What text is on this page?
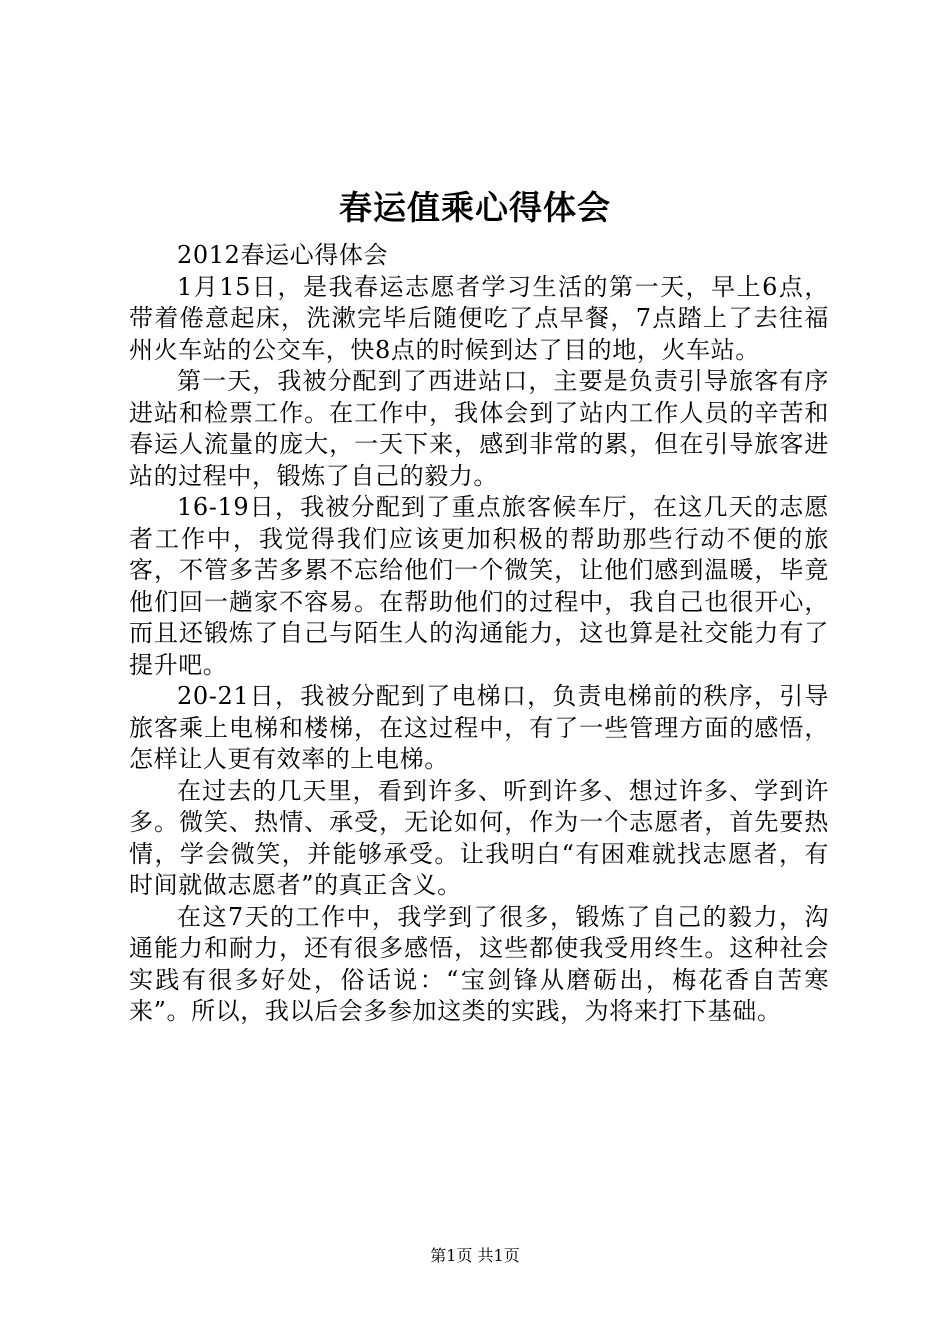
春运值乘心得体会

2012春运心得体会

1月15日，是我春运志愿者学习生活的第一天，早上6点，带着倦意起床，洗漱完毕后随便吃了点早餐，7点踏上了去往福州火车站的公交车，快8点的时候到达了目的地，火车站。

第一天，我被分配到了西进站口，主要是负责引导旅客有序进站和检票工作。在工作中，我体会到了站内工作人员的辛苦和春运人流量的庞大，一天下来，感到非常的累，但在引导旅客进站的过程中，锻炼了自己的毅力。

16-19日，我被分配到了重点旅客候车厅，在这几天的志愿者工作中，我觉得我们应该更加积极的帮助那些行动不便的旅客，不管多苦多累不忘给他们一个微笑，让他们感到温暖，毕竟他们回一趟家不容易。在帮助他们的过程中，我自己也很开心，而且还锻炼了自己与陌生人的沟通能力，这也算是社交能力有了提升吧。

20-21日，我被分配到了电梯口，负责电梯前的秩序，引导旅客乘上电梯和楼梯，在这过程中，有了一些管理方面的感悟，怎样让人更有效率的上电梯。

在过去的几天里，看到许多、听到许多、想过许多、学到许多。微笑、热情、承受，无论如何，作为一个志愿者，首先要热情，学会微笑，并能够承受。让我明白“有困难就找志愿者，有时间就做志愿者”的真正含义。

在这7天的工作中，我学到了很多，锻炼了自己的毅力，沟通能力和耐力，还有很多感悟，这些都使我受用终生。这种社会实践有很多好处，俗话说：“宝剑锋从磨砺出，梅花香自苦寒来”。所以，我以后会多参加这类的实践，为将来打下基础。

第1页 共1页
